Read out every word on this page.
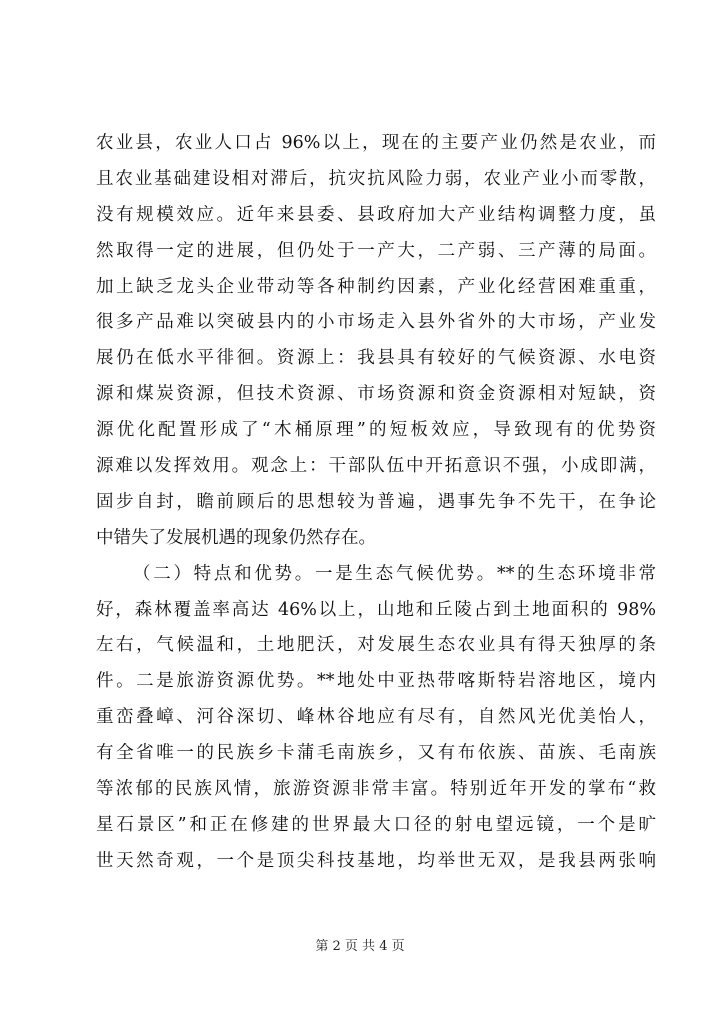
农业县，农业人口占 96%以上，现在的主要产业仍然是农业，而
且农业基础建设相对滞后，抗灾抗风险力弱，农业产业小而零散，
没有规模效应。近年来县委、县政府加大产业结构调整力度，虽
然取得一定的进展，但仍处于一产大，二产弱、三产薄的局面。
加上缺乏龙头企业带动等各种制约因素，产业化经营困难重重，
很多产品难以突破县内的小市场走入县外省外的大市场，产业发
展仍在低水平徘徊。资源上：我县具有较好的气候资源、水电资
源和煤炭资源，但技术资源、市场资源和资金资源相对短缺，资
源优化配置形成了“木桶原理”的短板效应，导致现有的优势资
源难以发挥效用。观念上：干部队伍中开拓意识不强，小成即满，
固步自封，瞻前顾后的思想较为普遍，遇事先争不先干，在争论
中错失了发展机遇的现象仍然存在。
（二）特点和优势。一是生态气候优势。**的生态环境非常
好，森林覆盖率高达 46%以上，山地和丘陵占到土地面积的 98%
左右，气候温和，土地肥沃，对发展生态农业具有得天独厚的条
件。二是旅游资源优势。**地处中亚热带喀斯特岩溶地区，境内
重峦叠嶂、河谷深切、峰林谷地应有尽有，自然风光优美怡人，
有全省唯一的民族乡卡蒲毛南族乡，又有布依族、苗族、毛南族
等浓郁的民族风情，旅游资源非常丰富。特别近年开发的掌布“救
星石景区”和正在修建的世界最大口径的射电望远镜，一个是旷
世天然奇观，一个是顶尖科技基地，均举世无双，是我县两张响
第 2 页 共 4 页
